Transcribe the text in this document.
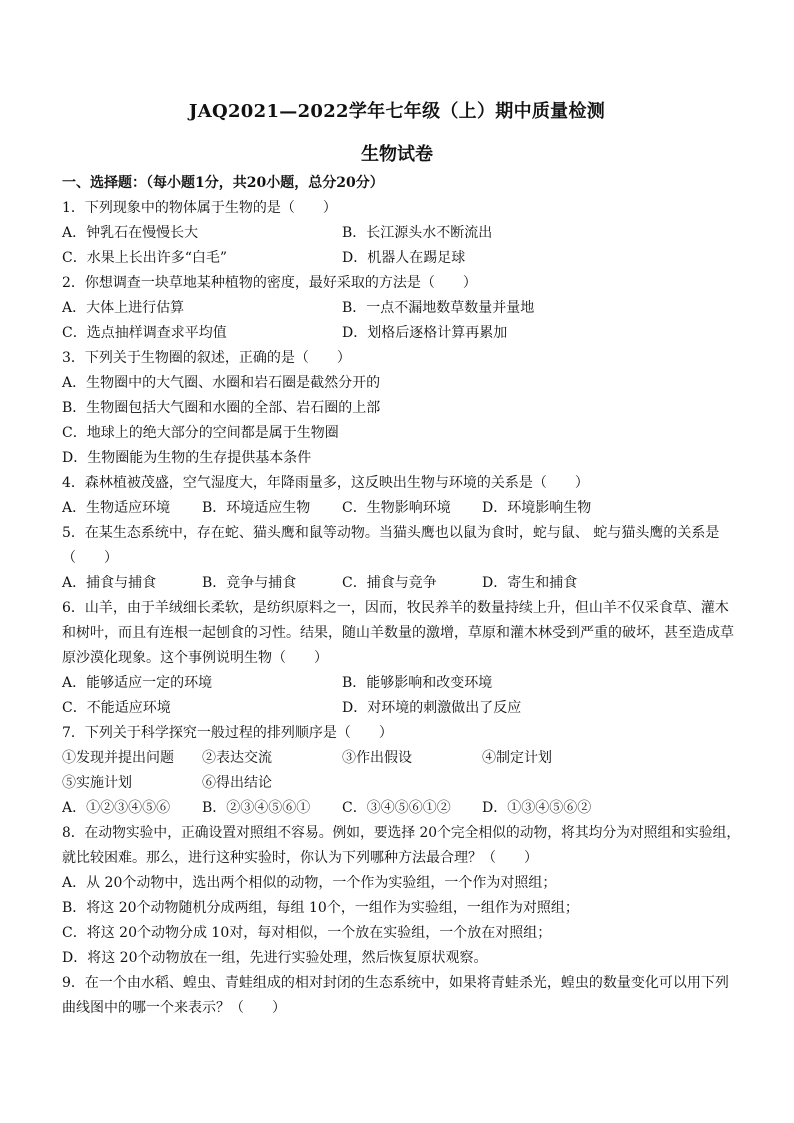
JAQ2021—2022学年七年级（上）期中质量检测
生物试卷
一、选择题：（每小题1分，共20小题，总分20分）
1．下列现象中的物体属于生物的是（　　）
A．钟乳石在慢慢长大	B．长江源头水不断流出
C．水果上长出许多“白毛”	D．机器人在踢足球
2．你想调查一块草地某种植物的密度，最好采取的方法是（　　）
A．大体上进行估算	B．一点不漏地数草数量并量地
C．选点抽样调查求平均值	D．划格后逐格计算再累加
3．下列关于生物圈的叙述，正确的是（　　）
A．生物圈中的大气圈、水圈和岩石圈是截然分开的
B．生物圈包括大气圈和水圈的全部、岩石圈的上部
C．地球上的绝大部分的空间都是属于生物圈
D．生物圈能为生物的生存提供基本条件
4．森林植被茂盛，空气湿度大，年降雨量多，这反映出生物与环境的关系是（　　）
A．生物适应环境 B．环境适应生物 C．生物影响环境 D．环境影响生物
5．在某生态系统中，存在蛇、猫头鹰和鼠等动物。当猫头鹰也以鼠为食时，蛇与鼠、 蛇与猫头鹰的关系是
（　　）
A．捕食与捕食	B．竞争与捕食	C．捕食与竞争	D．寄生和捕食
6．山羊，由于羊绒细长柔软，是纺织原料之一，因而，牧民养羊的数量持续上升，但山羊不仅采食草、灌木
和树叶，而且有连根一起刨食的习性。结果，随山羊数量的激增，草原和灌木林受到严重的破坏，甚至造成草
原沙漠化现象。这个事例说明生物（　　）
A．能够适应一定的环境	B．能够影响和改变环境
C．不能适应环境	D．对环境的刺激做出了反应
7．下列关于科学探究一般过程的排列顺序是（　　）
①发现并提出问题 ②表达交流	③作出假设	④制定计划
⑤实施计划	⑥得出结论
A．①②③④⑤⑥ B．②③④⑤⑥① C．③④⑤⑥①② D．①③④⑤⑥②
8．在动物实验中，正确设置对照组不容易。例如，要选择 20个完全相似的动物，将其均分为对照组和实验组，
就比较困难。那么，进行这种实验时，你认为下列哪种方法最合理？（　　）
A．从 20个动物中，选出两个相似的动物，一个作为实验组，一个作为对照组；
B．将这 20个动物随机分成两组，每组 10个，一组作为实验组，一组作为对照组；
C．将这 20个动物分成 10对，每对相似，一个放在实验组，一个放在对照组；
D．将这 20个动物放在一组，先进行实验处理，然后恢复原状观察。
9．在一个由水稻、蝗虫、青蛙组成的相对封闭的生态系统中，如果将青蛙杀光，蝗虫的数量变化可以用下列
曲线图中的哪一个来表示？（　　）
